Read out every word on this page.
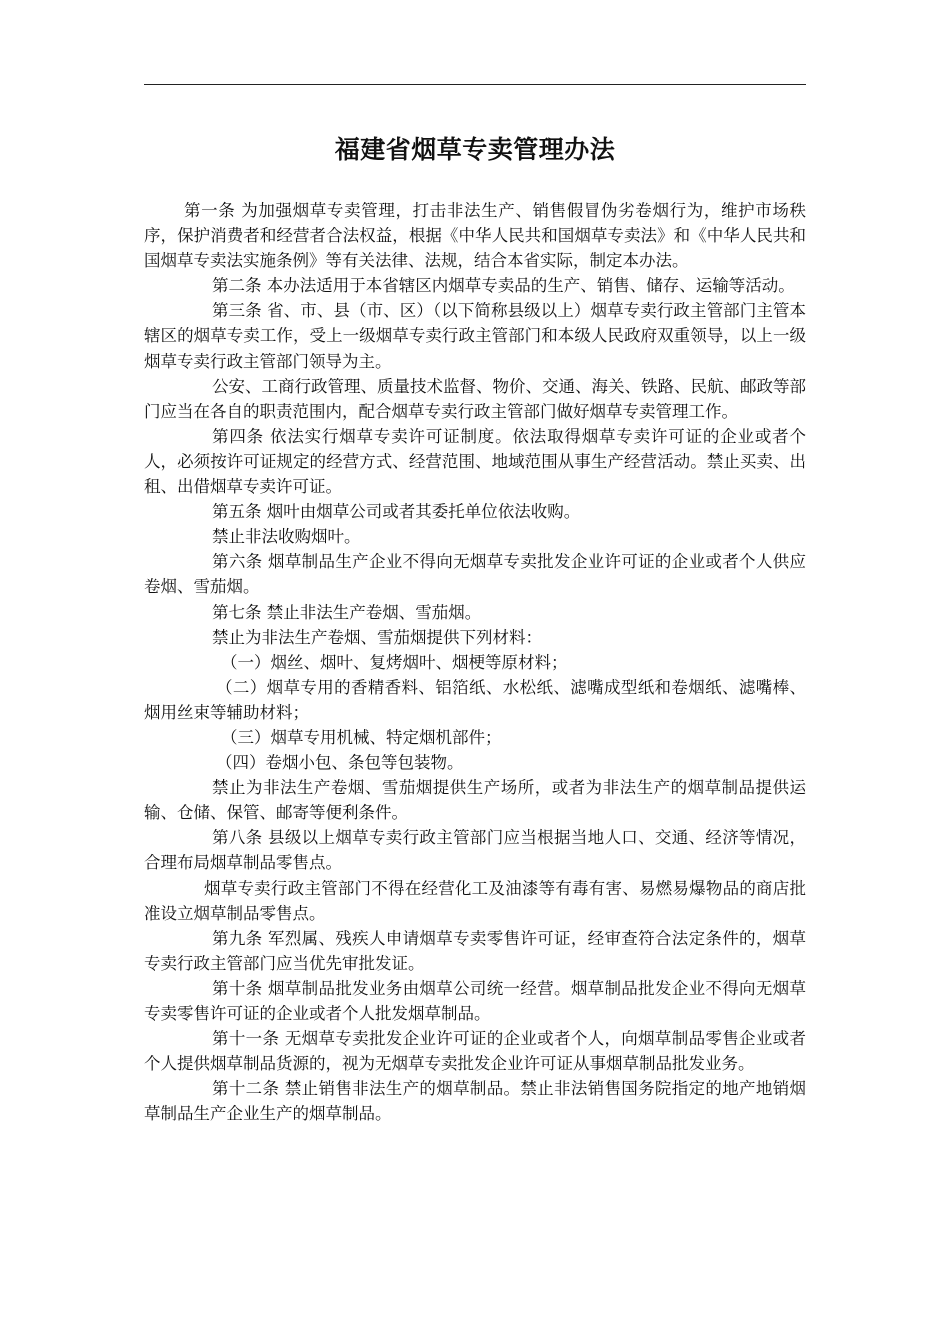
福建省烟草专卖管理办法

第一条 为加强烟草专卖管理，打击非法生产、销售假冒伪劣卷烟行为，维护市场秩序，保护消费者和经营者合法权益，根据《中华人民共和国烟草专卖法》和《中华人民共和国烟草专卖法实施条例》等有关法律、法规，结合本省实际，制定本办法。

第二条 本办法适用于本省辖区内烟草专卖品的生产、销售、储存、运输等活动。

第三条 省、市、县（市、区）（以下简称县级以上）烟草专卖行政主管部门主管本辖区的烟草专卖工作，受上一级烟草专卖行政主管部门和本级人民政府双重领导，以上一级烟草专卖行政主管部门领导为主。

公安、工商行政管理、质量技术监督、物价、交通、海关、铁路、民航、邮政等部门应当在各自的职责范围内，配合烟草专卖行政主管部门做好烟草专卖管理工作。

第四条 依法实行烟草专卖许可证制度。依法取得烟草专卖许可证的企业或者个人，必须按许可证规定的经营方式、经营范围、地域范围从事生产经营活动。禁止买卖、出租、出借烟草专卖许可证。

第五条 烟叶由烟草公司或者其委托单位依法收购。

禁止非法收购烟叶。

第六条 烟草制品生产企业不得向无烟草专卖批发企业许可证的企业或者个人供应卷烟、雪茄烟。

第七条 禁止非法生产卷烟、雪茄烟。

禁止为非法生产卷烟、雪茄烟提供下列材料：

（一）烟丝、烟叶、复烤烟叶、烟梗等原材料；

（二）烟草专用的香精香料、铝箔纸、水松纸、滤嘴成型纸和卷烟纸、滤嘴棒、烟用丝束等辅助材料；

（三）烟草专用机械、特定烟机部件；

（四）卷烟小包、条包等包装物。

禁止为非法生产卷烟、雪茄烟提供生产场所，或者为非法生产的烟草制品提供运输、仓储、保管、邮寄等便利条件。

第八条 县级以上烟草专卖行政主管部门应当根据当地人口、交通、经济等情况，合理布局烟草制品零售点。

烟草专卖行政主管部门不得在经营化工及油漆等有毒有害、易燃易爆物品的商店批准设立烟草制品零售点。

第九条 军烈属、残疾人申请烟草专卖零售许可证，经审查符合法定条件的，烟草专卖行政主管部门应当优先审批发证。

第十条 烟草制品批发业务由烟草公司统一经营。烟草制品批发企业不得向无烟草专卖零售许可证的企业或者个人批发烟草制品。

第十一条 无烟草专卖批发企业许可证的企业或者个人，向烟草制品零售企业或者个人提供烟草制品货源的，视为无烟草专卖批发企业许可证从事烟草制品批发业务。

第十二条 禁止销售非法生产的烟草制品。禁止非法销售国务院指定的地产地销烟草制品生产企业生产的烟草制品。
